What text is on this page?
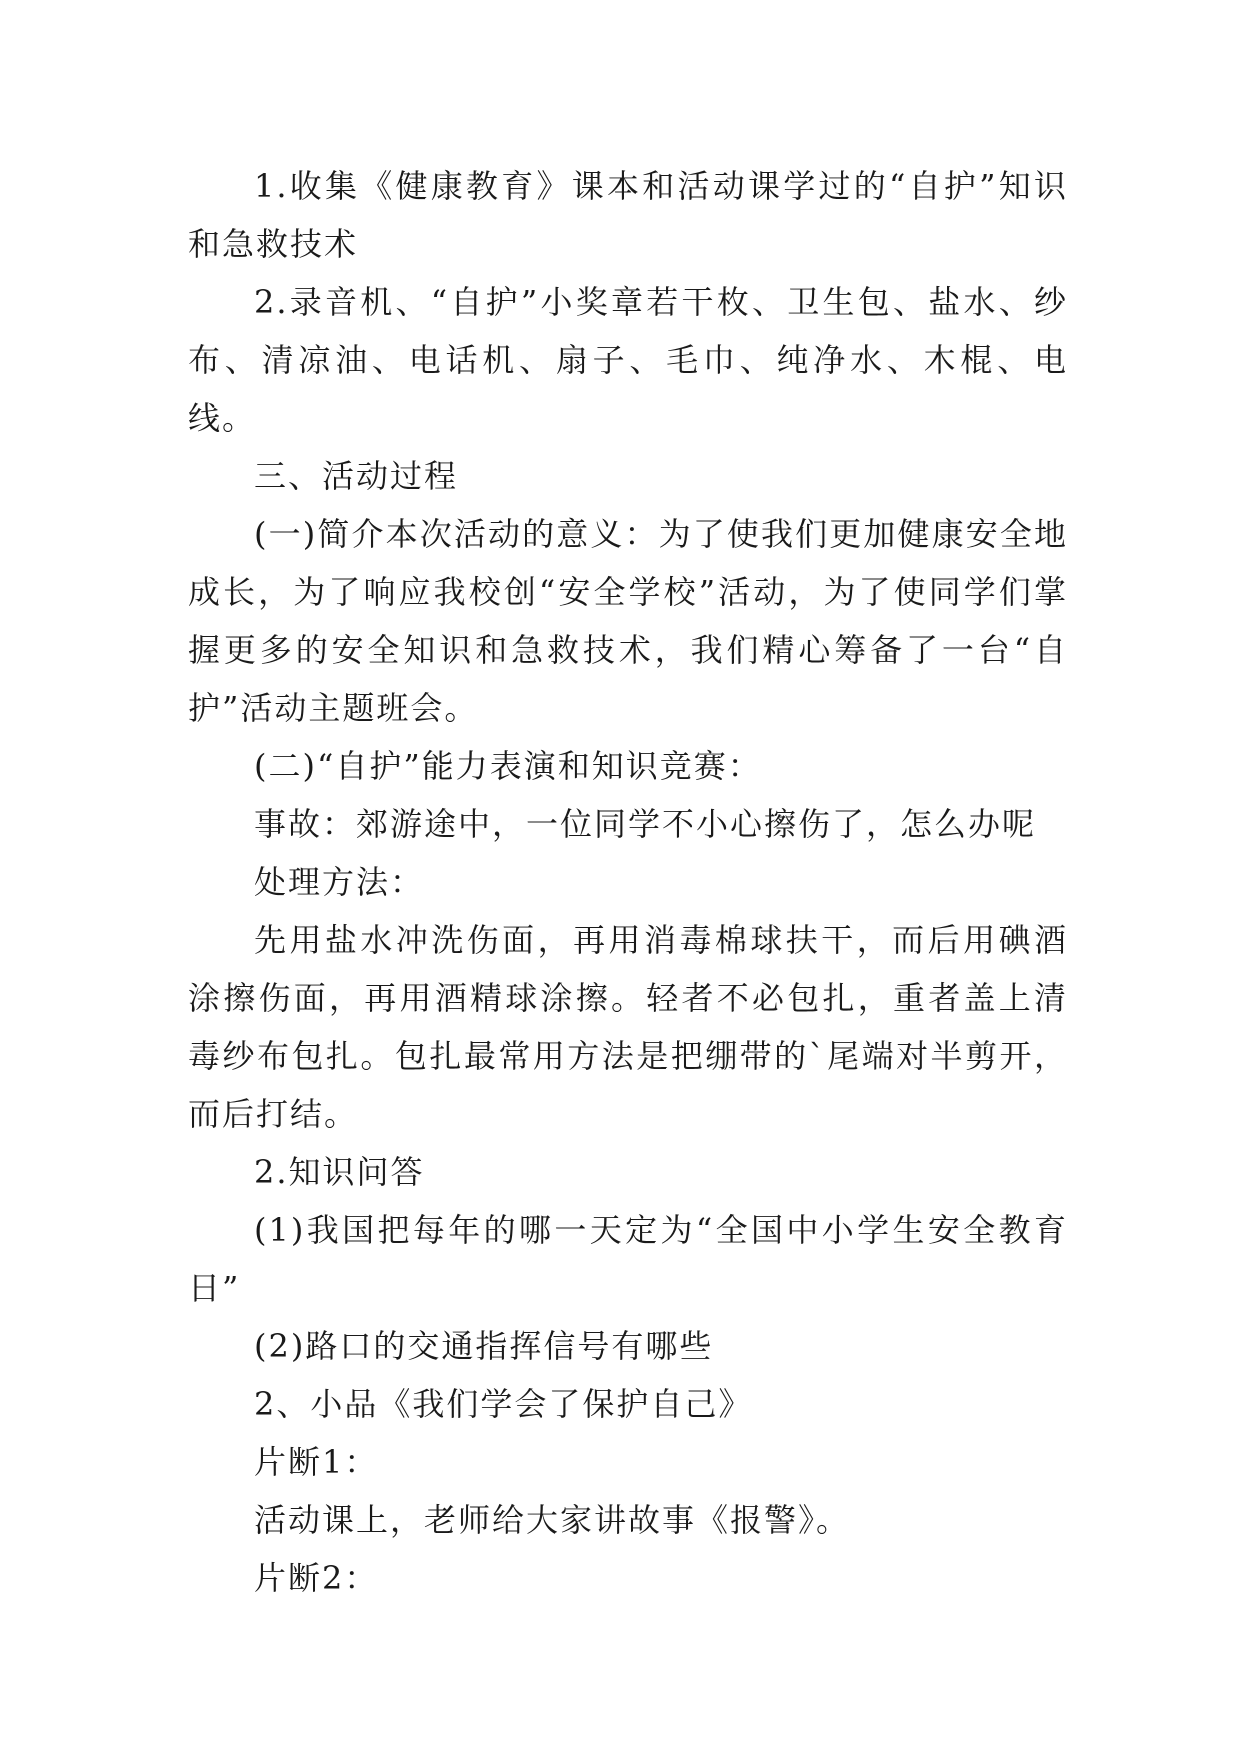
1.收集《健康教育》课本和活动课学过的“自护”知识和急救技术

2.录音机、“自护”小奖章若干枚、卫生包、盐水、纱布、清凉油、电话机、扇子、毛巾、纯净水、木棍、电线。

三、活动过程

(一)简介本次活动的意义：为了使我们更加健康安全地成长，为了响应我校创“安全学校”活动，为了使同学们掌握更多的安全知识和急救技术，我们精心筹备了一台“自护”活动主题班会。

(二)“自护”能力表演和知识竞赛：

事故：郊游途中，一位同学不小心擦伤了，怎么办呢

处理方法：

先用盐水冲洗伤面，再用消毒棉球扶干，而后用碘酒涂擦伤面，再用酒精球涂擦。轻者不必包扎，重者盖上清毒纱布包扎。包扎最常用方法是把绷带的`尾端对半剪开，而后打结。

2.知识问答

(1)我国把每年的哪一天定为“全国中小学生安全教育日”

(2)路口的交通指挥信号有哪些

2、小品《我们学会了保护自己》

片断1：

活动课上，老师给大家讲故事《报警》。

片断2：
